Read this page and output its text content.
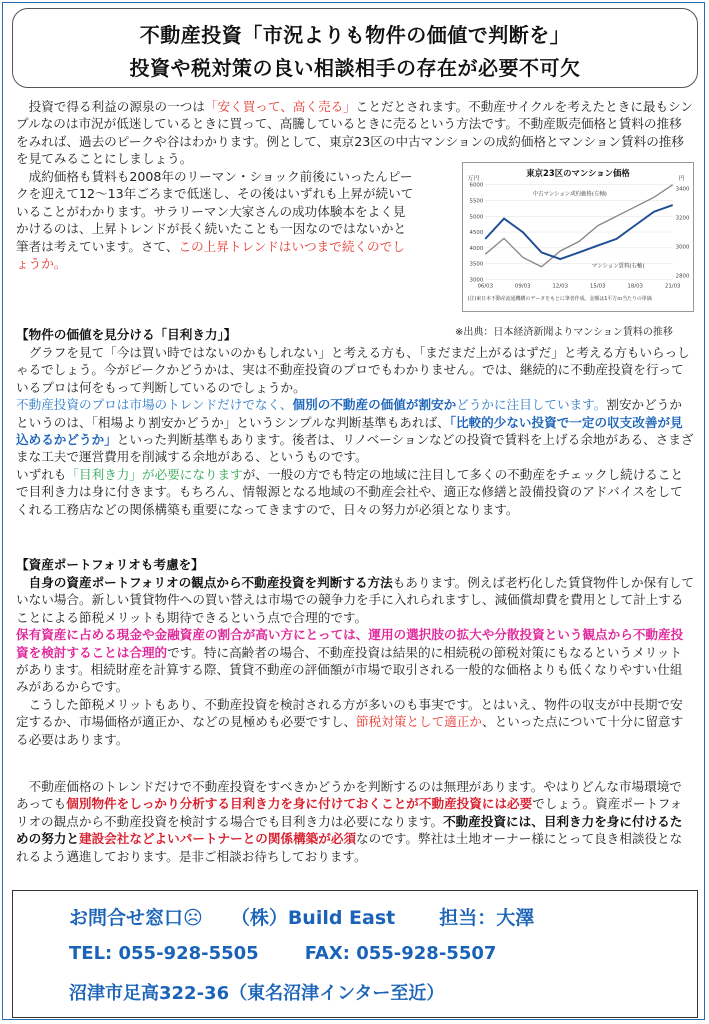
不動産投資「市況よりも物件の価値で判断を」
投資や税対策の良い相談相手の存在が必要不可欠
 投資で得る利益の源泉の一つは「安く買って、高く売る」ことだとされます。不動産サイクルを考えたときに最もシンプルなのは市況が低迷しているときに買って、高騰しているときに売るという方法です。不動産販売価格と賃料の推移をみれば、過去のピークや谷はわかります。例として、東京23区の中古マンションの成約価格とマンション賃料の推移を見てみることにしましょう。
 成約価格も賃料も2008年のリーマン・ショック前後にいったんピークを迎えて12～13年ごろまで低迷し、その後はいずれも上昇が続いていることがわかります。サラリーマン大家さんの成功体験本をよく見かけるのは、上昇トレンドが長く続いたことも一因なのではないかと筆者は考えています。さて、この上昇トレンドはいつまで続くのでしょうか。
東京23区のマンション価格
万円	円
6000
5500
5000
4500
4000
3500
3000
3400
3200
3000
2800
06/03	09/03	12/03	15/03	18/03	21/03
中古マンション成約価格(左軸)
マンション賃料(右軸)
(注)東日本不動産流通機構のデータをもとに筆者作成。金額は1平方ｍ当たりの単価
※出典：日本経済新聞よりマンション賃料の推移
【物件の価値を見分ける「目利き力」】
 グラフを見て「今は買い時ではないのかもしれない」と考える方も、「まだまだ上がるはずだ」と考える方もいらっしゃるでしょう。今がピークかどうかは、実は不動産投資のプロでもわかりません。では、継続的に不動産投資を行っているプロは何をもって判断しているのでしょうか。
不動産投資のプロは市場のトレンドだけでなく、個別の不動産の価値が割安かどうかに注目しています。割安かどうかというのは、「相場より割安かどうか」というシンプルな判断基準もあれば、「比較的少ない投資で一定の収支改善が見込めるかどうか」といった判断基準もあります。後者は、リノベーションなどの投資で賃料を上げる余地がある、さまざまな工夫で運営費用を削減する余地がある、というものです。
いずれも「目利き力」が必要になりますが、一般の方でも特定の地域に注目して多くの不動産をチェックし続けることで目利き力は身に付きます。もちろん、情報源となる地域の不動産会社や、適正な修繕と設備投資のアドバイスをしてくれる工務店などの関係構築も重要になってきますので、日々の努力が必須となります。
【資産ポートフォリオも考慮を】
 自身の資産ポートフォリオの観点から不動産投資を判断する方法もあります。例えば老朽化した賃貸物件しか保有していない場合。新しい賃貸物件への買い替えは市場での競争力を手に入れられますし、減価償却費を費用として計上することによる節税メリットも期待できるという点で合理的です。
保有資産に占める現金や金融資産の割合が高い方にとっては、運用の選択肢の拡大や分散投資という観点から不動産投資を検討することは合理的です。特に高齢者の場合、不動産投資は結果的に相続税の節税対策にもなるというメリットがあります。相続財産を計算する際、賃貸不動産の評価額が市場で取引される一般的な価格よりも低くなりやすい仕組みがあるからです。
 こうした節税メリットもあり、不動産投資を検討される方が多いのも事実です。とはいえ、物件の収支が中長期で安定するか、市場価格が適正か、などの見極めも必要ですし、節税対策として適正か、といった点について十分に留意する必要はあります。
 不動産価格のトレンドだけで不動産投資をすべきかどうかを判断するのは無理があります。やはりどんな市場環境であっても個別物件をしっかり分析する目利き力を身に付けておくことが不動産投資には必要でしょう。資産ポートフォリオの観点から不動産投資を検討する場合でも目利き力は必要になります。不動産投資には、目利き力を身に付けるための努力と建設会社などよいパートナーとの関係構築が必須なのです。弊社は土地オーナー様にとって良き相談役となれるよう邁進しております。是非ご相談お待ちしております。
お問合せ窓口☹ （株）Build East 担当：大澤
TEL: 055-928-5505	FAX: 055-928-5507
沼津市足高322-36（東名沼津インター至近）
